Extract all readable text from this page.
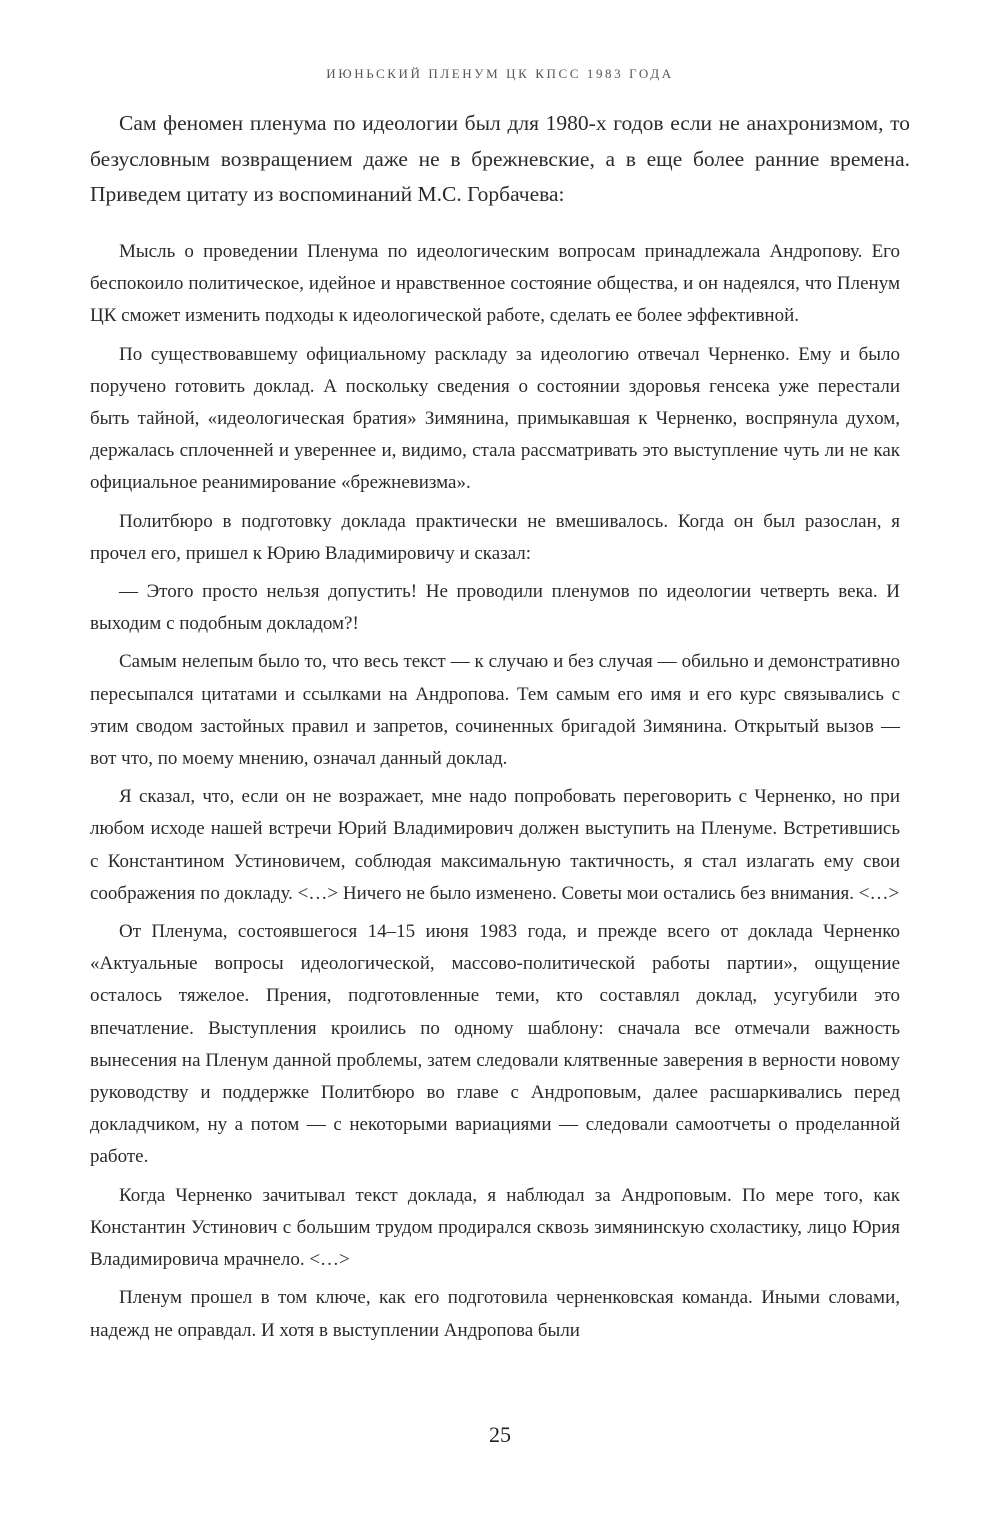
ИЮНЬСКИЙ ПЛЕНУМ ЦК КПСС 1983 ГОДА

Сам феномен пленума по идеологии был для 1980-х годов если не анахронизмом, то безусловным возвращением даже не в брежневские, а в еще более ранние времена. Приведем цитату из воспоминаний М.С. Горбачева:

Мысль о проведении Пленума по идеологическим вопросам принадлежала Андропову. Его беспокоило политическое, идейное и нравственное состояние общества, и он надеялся, что Пленум ЦК сможет изменить подходы к идеологической работе, сделать ее более эффективной.

По существовавшему официальному раскладу за идеологию отвечал Черненко. Ему и было поручено готовить доклад. А поскольку сведения о состоянии здоровья генсека уже перестали быть тайной, «идеологическая братия» Зимянина, примыкавшая к Черненко, воспрянула духом, держалась сплоченней и увереннее и, видимо, стала рассматривать это выступление чуть ли не как официальное реанимирование «брежневизма».

Политбюро в подготовку доклада практически не вмешивалось. Когда он был разослан, я прочел его, пришел к Юрию Владимировичу и сказал:

— Этого просто нельзя допустить! Не проводили пленумов по идеологии четверть века. И выходим с подобным докладом?!

Самым нелепым было то, что весь текст — к случаю и без случая — обильно и демонстративно пересыпался цитатами и ссылками на Андропова. Тем самым его имя и его курс связывались с этим сводом застойных правил и запретов, сочиненных бригадой Зимянина. Открытый вызов — вот что, по моему мнению, означал данный доклад.

Я сказал, что, если он не возражает, мне надо попробовать переговорить с Черненко, но при любом исходе нашей встречи Юрий Владимирович должен выступить на Пленуме. Встретившись с Константином Устиновичем, соблюдая максимальную тактичность, я стал излагать ему свои соображения по докладу. <…> Ничего не было изменено. Советы мои остались без внимания. <…>

От Пленума, состоявшегося 14–15 июня 1983 года, и прежде всего от доклада Черненко «Актуальные вопросы идеологической, массово-политической работы партии», ощущение осталось тяжелое. Прения, подготовленные теми, кто составлял доклад, усугубили это впечатление. Выступления кроились по одному шаблону: сначала все отмечали важность вынесения на Пленум данной проблемы, затем следовали клятвенные заверения в верности новому руководству и поддержке Политбюро во главе с Андроповым, далее расшаркивались перед докладчиком, ну а потом — с некоторыми вариациями — следовали самоотчеты о проделанной работе.

Когда Черненко зачитывал текст доклада, я наблюдал за Андроповым. По мере того, как Константин Устинович с большим трудом продирался сквозь зимянинскую схоластику, лицо Юрия Владимировича мрачнело. <…>

Пленум прошел в том ключе, как его подготовила черненковская команда. Иными словами, надежд не оправдал. И хотя в выступлении Андропова были

25
